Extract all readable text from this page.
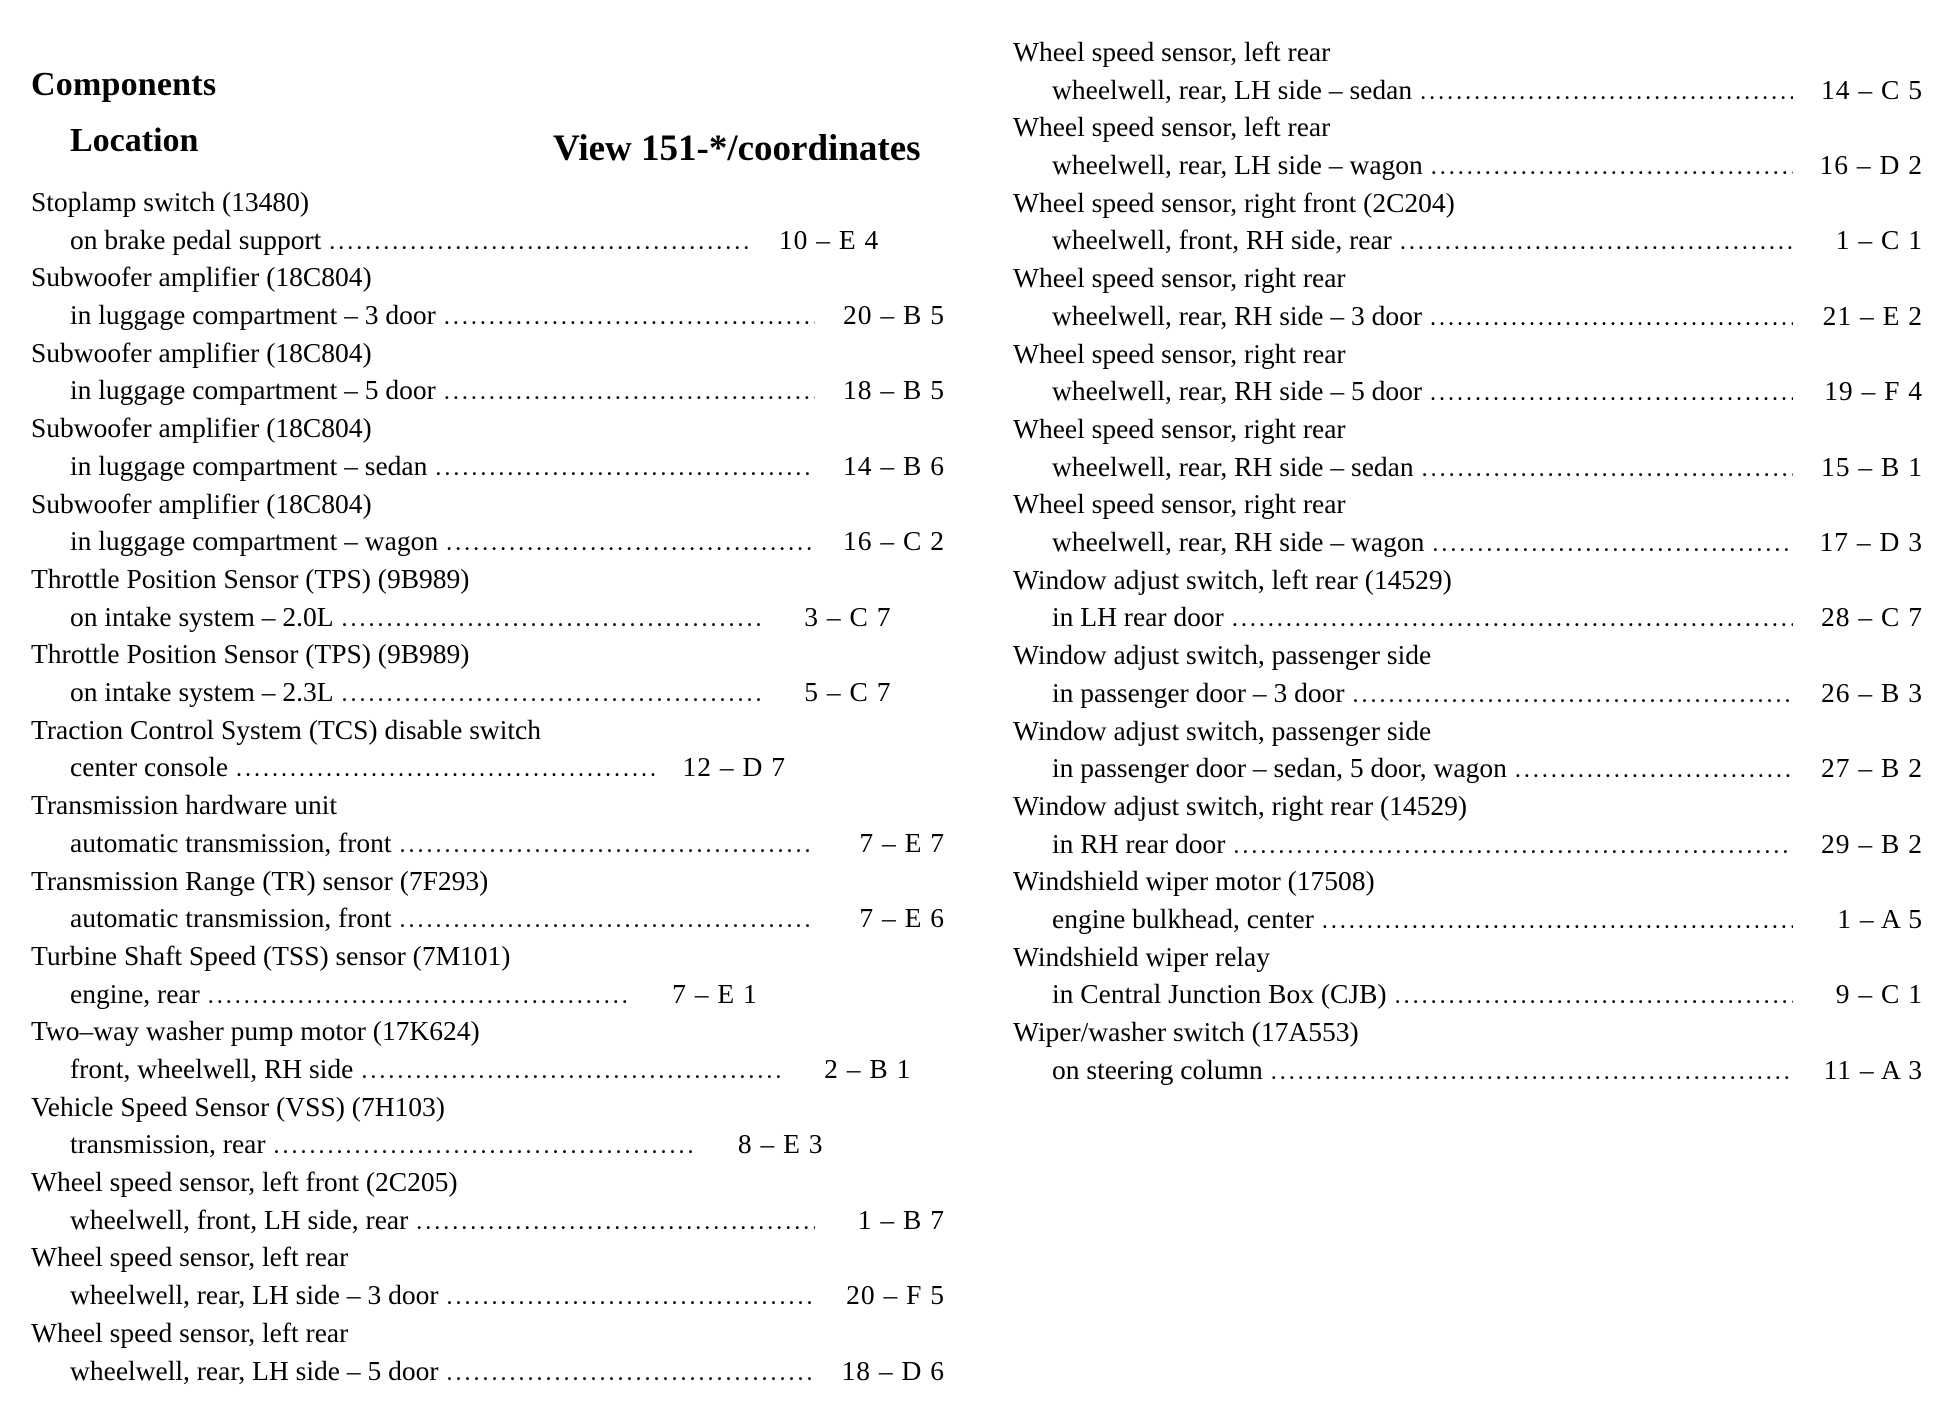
Components
Location	View 151-*/coordinates
Stoplamp switch (13480)
on brake pedal support .....	10 – E 4
Subwoofer amplifier (18C804)
in luggage compartment – 3 door .....	20 – B 5
Subwoofer amplifier (18C804)
in luggage compartment – 5 door .....	18 – B 5
Subwoofer amplifier (18C804)
in luggage compartment – sedan .....	14 – B 6
Subwoofer amplifier (18C804)
in luggage compartment – wagon .....	16 – C 2
Throttle Position Sensor (TPS) (9B989)
on intake system – 2.0L .....	3 – C 7
Throttle Position Sensor (TPS) (9B989)
on intake system – 2.3L .....	5 – C 7
Traction Control System (TCS) disable switch
center console .....	12 – D 7
Transmission hardware unit
automatic transmission, front .....	7 – E 7
Transmission Range (TR) sensor (7F293)
automatic transmission, front .....	7 – E 6
Turbine Shaft Speed (TSS) sensor (7M101)
engine, rear .....	7 – E 1
Two–way washer pump motor (17K624)
front, wheelwell, RH side .....	2 – B 1
Vehicle Speed Sensor (VSS) (7H103)
transmission, rear .....	8 – E 3
Wheel speed sensor, left front (2C205)
wheelwell, front, LH side, rear .....	1 – B 7
Wheel speed sensor, left rear
wheelwell, rear, LH side – 3 door .....	20 – F 5
Wheel speed sensor, left rear
wheelwell, rear, LH side – 5 door .....	18 – D 6
Wheel speed sensor, left rear
wheelwell, rear, LH side – sedan .....	14 – C 5
Wheel speed sensor, left rear
wheelwell, rear, LH side – wagon .....	16 – D 2
Wheel speed sensor, right front (2C204)
wheelwell, front, RH side, rear .....	1 – C 1
Wheel speed sensor, right rear
wheelwell, rear, RH side – 3 door .....	21 – E 2
Wheel speed sensor, right rear
wheelwell, rear, RH side – 5 door .....	19 – F 4
Wheel speed sensor, right rear
wheelwell, rear, RH side – sedan .....	15 – B 1
Wheel speed sensor, right rear
wheelwell, rear, RH side – wagon .....	17 – D 3
Window adjust switch, left rear (14529)
in LH rear door .....	28 – C 7
Window adjust switch, passenger side
in passenger door – 3 door .....	26 – B 3
Window adjust switch, passenger side
in passenger door – sedan, 5 door, wagon .....	27 – B 2
Window adjust switch, right rear (14529)
in RH rear door .....	29 – B 2
Windshield wiper motor (17508)
engine bulkhead, center .....	1 – A 5
Windshield wiper relay
in Central Junction Box (CJB) .....	9 – C 1
Wiper/washer switch (17A553)
on steering column .....	11 – A 3
